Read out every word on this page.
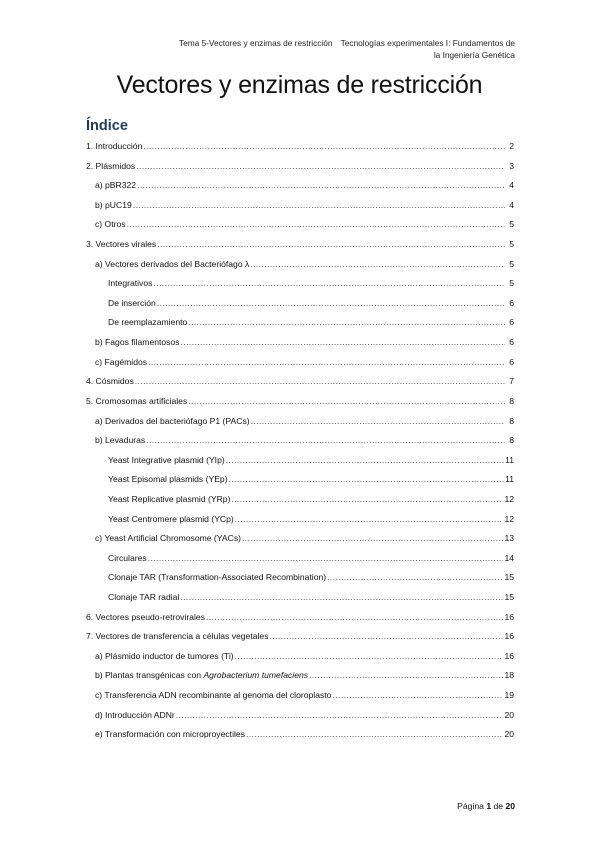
Tema 5-Vectores y enzimas de restricción Tecnologías experimentales I: Fundamentos de
la Ingeniería Genética
Vectores y enzimas de restricción
Índice
1. Introducción .....	2
2. Plásmidos .....	3
a) pBR322 .....	4
b) pUC19 .....	4
c) Otros .....	5
3. Vectores virales .....	5
a) Vectores derivados del Bacteriófago λ .....	5
Integrativos .....	5
De inserción .....	6
De reemplazamiento .....	6
b) Fagos filamentosos .....	6
c) Fagémidos .....	6
4. Cósmidos .....	7
5. Cromosomas artificiales .....	8
a) Derivados del bacteriófago P1 (PACs) .....	8
b) Levaduras .....	8
Yeast Integrative plasmid (YIp) .....	11
Yeast Episomal plasmids (YEp) .....	11
Yeast Replicative plasmid (YRp) .....	12
Yeast Centromere plasmid (YCp) .....	12
c) Yeast Artificial Chromosome (YACs) .....	13
Circulares .....	14
Clonaje TAR (Transformation-Associated Recombination) .....	15
Clonaje TAR radial .....	15
6. Vectores pseudo-retrovirales .....	16
7. Vectores de transferencia a células vegetales .....	16
a) Plásmido inductor de tumores (Ti) .....	16
b) Plantas transgénicas con Agrobacterium tumefaciens .....	18
c) Transferencia ADN recombinante al genoma del cloroplasto .....	19
d) Introducción ADNr .....	20
e) Transformación con microproyectiles .....	20
Página 1 de 20
